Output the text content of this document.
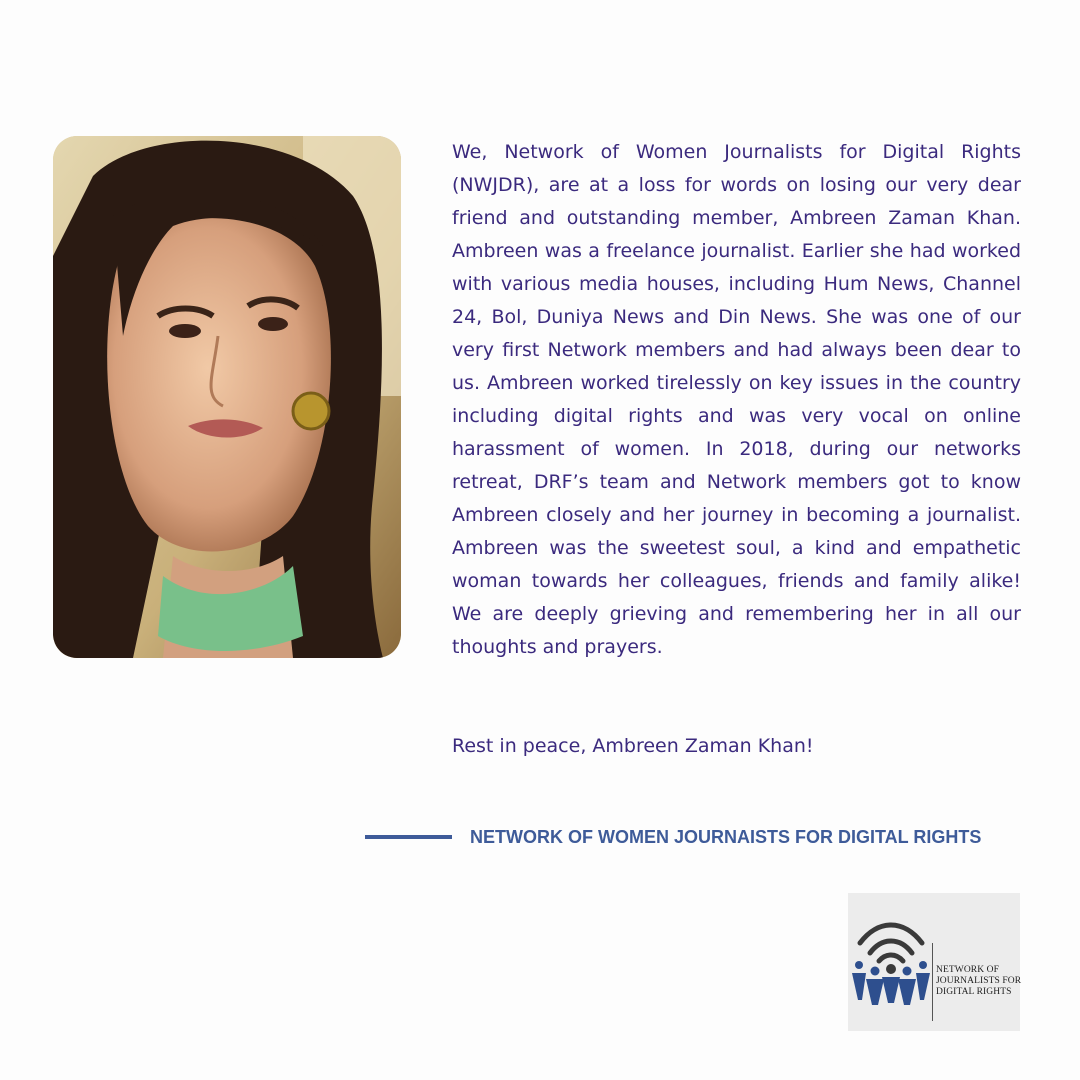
We, Network of Women Journalists for Digital Rights (NWJDR), are at a loss for words on losing our very dear friend and outstanding member, Ambreen Zaman Khan. Ambreen was a freelance journalist. Earlier she had worked with various media houses, including Hum News, Channel 24, Bol, Duniya News and Din News. She was one of our very first Network members and had always been dear to us. Ambreen worked tirelessly on key issues in the country including digital rights and was very vocal on online harassment of women. In 2018, during our networks retreat, DRF’s team and Network members got to know Ambreen closely and her journey in becoming a journalist. Ambreen was the sweetest soul, a kind and empathetic woman towards her colleagues, friends and family alike! We are deeply grieving and remembering her in all our thoughts and prayers.

Rest in peace, Ambreen Zaman Khan!

NETWORK OF WOMEN JOURNAISTS FOR DIGITAL RIGHTS
NETWORK OF
JOURNALISTS FOR
DIGITAL RIGHTS
